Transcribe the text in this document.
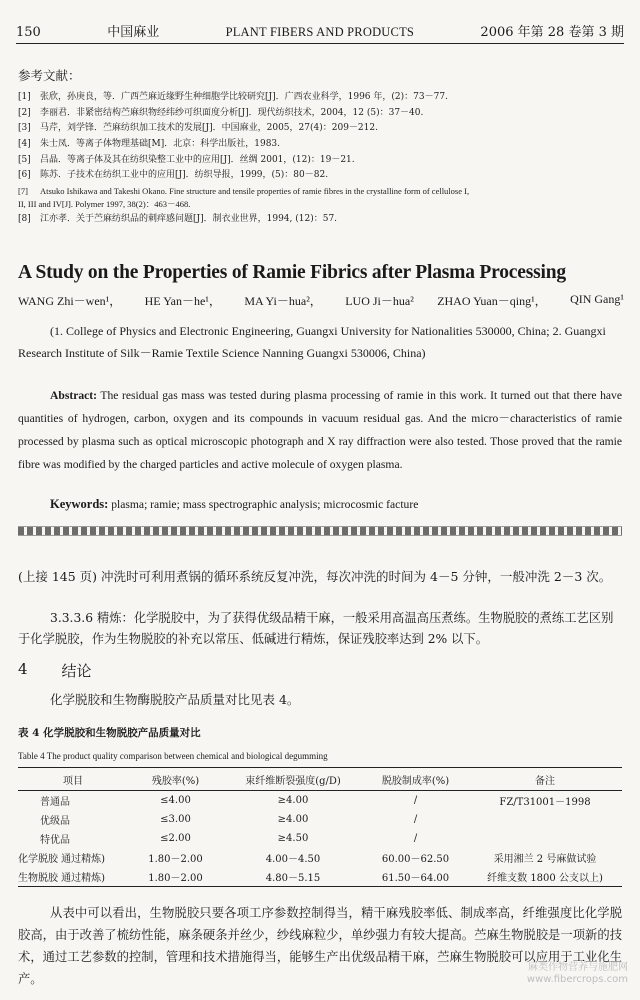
150	中国麻业	PLANT FIBERS AND PRODUCTS	2006 年第 28 卷第 3 期
参考文献：
[1]	张欣，孙庚良，等．广西苎麻近缘野生种细胞学比较研究[J]．广西农业科学，1996 年，(2)：73－77.
[2]	李丽君．非紧密结构苎麻织物经纬纱可织面度分析[J]．现代纺织技术，2004，12 (5)：37－40.
[3]	马芹，刘学锋．苎麻纺织加工技术的发展[J]．中国麻业，2005，27(4)：209－212.
[4]	朱士凤．等离子体物理基础[M]．北京：科学出版社，1983.
[5]	吕晶．等离子体及其在纺织染整工业中的应用[J]．丝绸 2001，(12)：19－21.
[6]	陈苏．子技术在纺织工业中的应用[J]．纺织导报，1999，(5)：80－82.
[7]	Atsuko Ishikawa and Takeshi Okano. Fine structure and tensile properties of ramie fibres in the crystalline form of cellulose I,
II, III and IV[J]. Polymer 1997, 38(2)：463－468.
[8]	江亦孝．关于苎麻纺织品的刺痒感问题[J]．制衣业世界，1994, (12)：57.
A Study on the Properties of Ramie Fibrics after Plasma Processing
WANG Zhi－wen¹， HE Yan－he¹， MA Yi－hua²， LUO Ji－hua² ZHAO Yuan－qing¹， QIN Gang¹
(1. College of Physics and Electronic Engineering, Guangxi University for Nationalities 530000, China; 2. Guangxi Research Institute of Silk－Ramie Textile Science Nanning Guangxi 530006, China)
Abstract: The residual gas mass was tested during plasma processing of ramie in this work. It turned out that there have quantities of hydrogen, carbon, oxygen and its compounds in vacuum residual gas. And the micro－characteristics of ramie processed by plasma such as optical microscopic photograph and X ray diffraction were also tested. Those proved that the ramie fibre was modified by the charged particles and active molecule of oxygen plasma.
Keywords: plasma; ramie; mass spectrographic analysis; microcosmic facture
(上接 145 页) 冲洗时可利用煮锅的循环系统反复冲洗，每次冲洗的时间为 4－5 分钟，一般冲洗 2－3 次。
3.3.3.6 精炼：化学脱胶中，为了获得优级品精干麻，一般采用高温高压煮练。生物脱胶的煮练工艺区别于化学脱胶，作为生物脱胶的补充以常压、低碱进行精炼，保证残胶率达到 2% 以下。
4 结论
化学脱胶和生物酶脱胶产品质量对比见表 4。
表 4 化学脱胶和生物脱胶产品质量对比
Table 4 The product quality comparison between chemical and biological degumming
项目	残胶率(%)	束纤维断裂强度(g/D)	脱胶制成率(%)	备注
普通品	≤4.00	≥4.00	/	FZ/T31001－1998
优级品	≤3.00	≥4.00	/	
特优品	≤2.00	≥4.50	/	
化学脱胶 通过精炼)	1.80－2.00	4.00－4.50	60.00－62.50	采用湘兰 2 号麻做试验
生物脱胶 通过精炼)	1.80－2.00	4.80－5.15	61.50－64.00	纤维支数 1800 公支以上)
从表中可以看出，生物脱胶只要各项工序参数控制得当，精干麻残胶率低、制成率高，纤维强度比化学脱胶高，由于改善了梳纺性能，麻条硬条并丝少，纱线麻粒少，单纱强力有较大提高。苎麻生物脱胶是一项新的技术，通过工艺参数的控制，管理和技术措施得当，能够生产出优级品精干麻，苎麻生物脱胶可以应用于工业化生产。
麻类作物营养与施肥网
www.fibercrops.com
